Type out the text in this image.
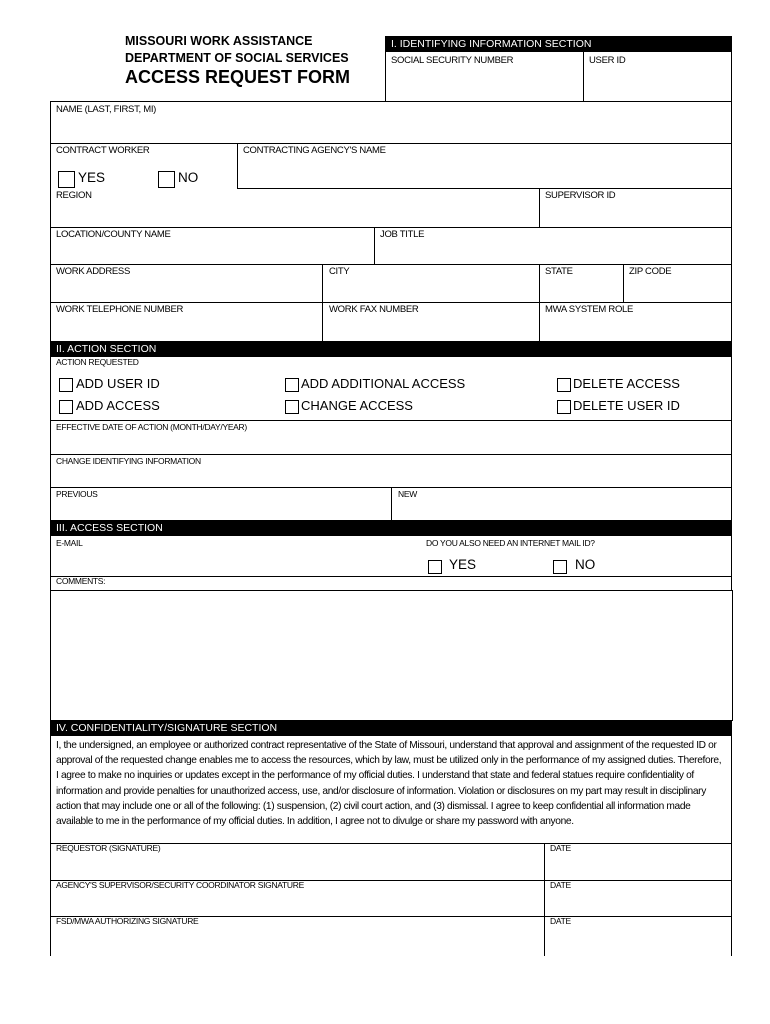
MISSOURI WORK ASSISTANCE
DEPARTMENT OF SOCIAL SERVICES
ACCESS REQUEST FORM
I. IDENTIFYING INFORMATION SECTION
SOCIAL SECURITY NUMBER	USER ID
NAME (LAST, FIRST, MI)
CONTRACT WORKER
YES	NO
CONTRACTING AGENCY'S NAME
REGION	SUPERVISOR ID
LOCATION/COUNTY NAME	JOB TITLE
WORK ADDRESS	CITY	STATE	ZIP CODE
WORK TELEPHONE NUMBER	WORK FAX NUMBER	MWA SYSTEM ROLE
II. ACTION SECTION
ACTION REQUESTED
ADD USER ID	ADD ADDITIONAL ACCESS	DELETE ACCESS
ADD ACCESS	CHANGE ACCESS	DELETE USER ID
EFFECTIVE DATE OF ACTION (MONTH/DAY/YEAR)
CHANGE IDENTIFYING INFORMATION
PREVIOUS	NEW
III. ACCESS SECTION
E-MAIL	DO YOU ALSO NEED AN INTERNET MAIL ID?
YES	NO
COMMENTS:
IV. CONFIDENTIALITY/SIGNATURE SECTION
I, the undersigned, an employee or authorized contract representative of the State of Missouri, understand that approval and assignment of the requested ID or approval of the requested change enables me to access the resources, which by law, must be utilized only in the performance of my assigned duties. Therefore, I agree to make no inquiries or updates except in the performance of my official duties. I understand that state and federal statues require confidentiality of information and provide penalties for unauthorized access, use, and/or disclosure of information. Violation or disclosures on my part may result in disciplinary action that may include one or all of the following: (1) suspension, (2) civil court action, and (3) dismissal. I agree to keep confidential all information made available to me in the performance of my official duties. In addition, I agree not to divulge or share my password with anyone.
REQUESTOR (SIGNATURE)	DATE
AGENCY'S SUPERVISOR/SECURITY COORDINATOR SIGNATURE	DATE
FSD/MWA AUTHORIZING SIGNATURE	DATE
